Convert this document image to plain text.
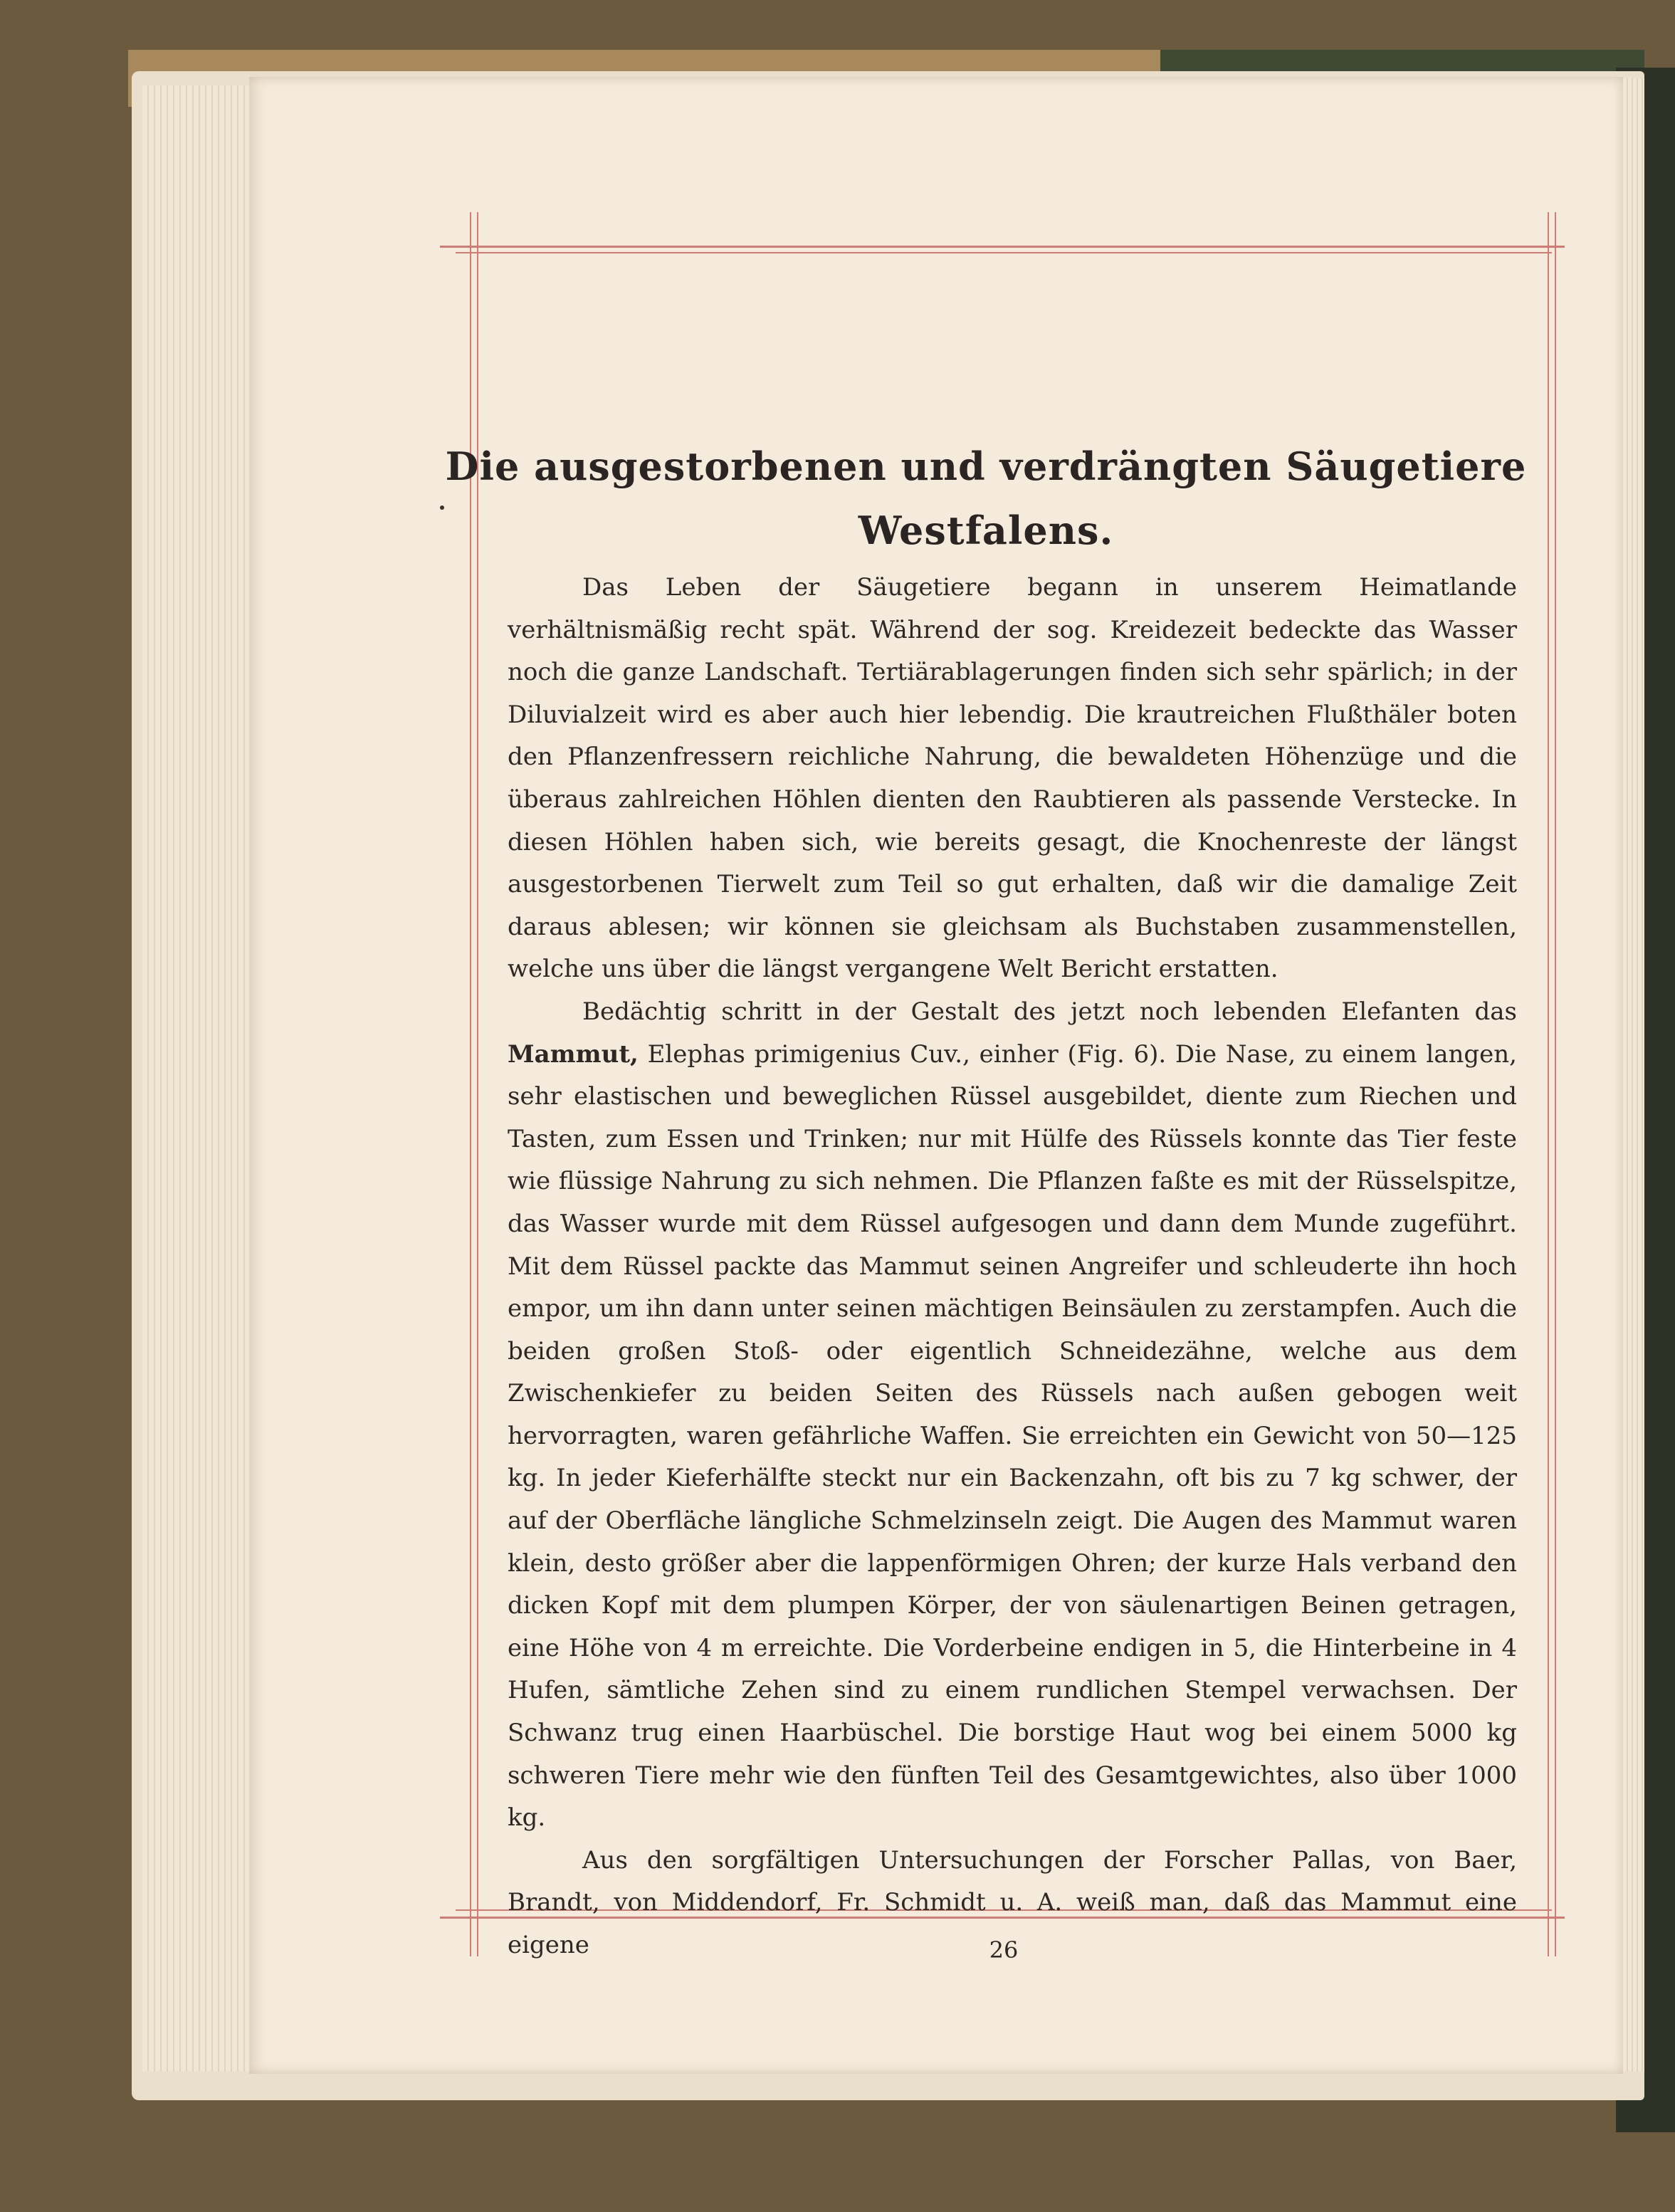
Die ausgestorbenen und verdrängten Säugetiere
Westfalens.

Das Leben der Säugetiere begann in unserem Heimatlande verhältnismäßig recht spät. Während der sog. Kreidezeit bedeckte das Wasser noch die ganze Landschaft. Tertiärablagerungen finden sich sehr spärlich; in der Diluvialzeit wird es aber auch hier lebendig. Die krautreichen Flußthäler boten den Pflanzenfressern reichliche Nahrung, die bewaldeten Höhenzüge und die überaus zahlreichen Höhlen dienten den Raubtieren als passende Verstecke. In diesen Höhlen haben sich, wie bereits gesagt, die Knochenreste der längst ausgestorbenen Tierwelt zum Teil so gut erhalten, daß wir die damalige Zeit daraus ablesen; wir können sie gleichsam als Buchstaben zusammenstellen, welche uns über die längst vergangene Welt Bericht erstatten.

Bedächtig schritt in der Gestalt des jetzt noch lebenden Elefanten das Mammut, Elephas primigenius Cuv., einher (Fig. 6). Die Nase, zu einem langen, sehr elastischen und beweglichen Rüssel ausgebildet, diente zum Riechen und Tasten, zum Essen und Trinken; nur mit Hülfe des Rüssels konnte das Tier feste wie flüssige Nahrung zu sich nehmen. Die Pflanzen faßte es mit der Rüsselspitze, das Wasser wurde mit dem Rüssel aufgesogen und dann dem Munde zugeführt. Mit dem Rüssel packte das Mammut seinen Angreifer und schleuderte ihn hoch empor, um ihn dann unter seinen mächtigen Beinsäulen zu zerstampfen. Auch die beiden großen Stoß- oder eigentlich Schneidezähne, welche aus dem Zwischenkiefer zu beiden Seiten des Rüssels nach außen gebogen weit hervorragten, waren gefährliche Waffen. Sie erreichten ein Gewicht von 50—125 kg. In jeder Kieferhälfte steckt nur ein Backenzahn, oft bis zu 7 kg schwer, der auf der Oberfläche längliche Schmelzinseln zeigt. Die Augen des Mammut waren klein, desto größer aber die lappenförmigen Ohren; der kurze Hals verband den dicken Kopf mit dem plumpen Körper, der von säulenartigen Beinen getragen, eine Höhe von 4 m erreichte. Die Vorderbeine endigen in 5, die Hinterbeine in 4 Hufen, sämtliche Zehen sind zu einem rundlichen Stempel verwachsen. Der Schwanz trug einen Haarbüschel. Die borstige Haut wog bei einem 5000 kg schweren Tiere mehr wie den fünften Teil des Gesamtgewichtes, also über 1000 kg.

Aus den sorgfältigen Untersuchungen der Forscher Pallas, von Baer, Brandt, von Middendorf, Fr. Schmidt u. A. weiß man, daß das Mammut eine eigene	26
